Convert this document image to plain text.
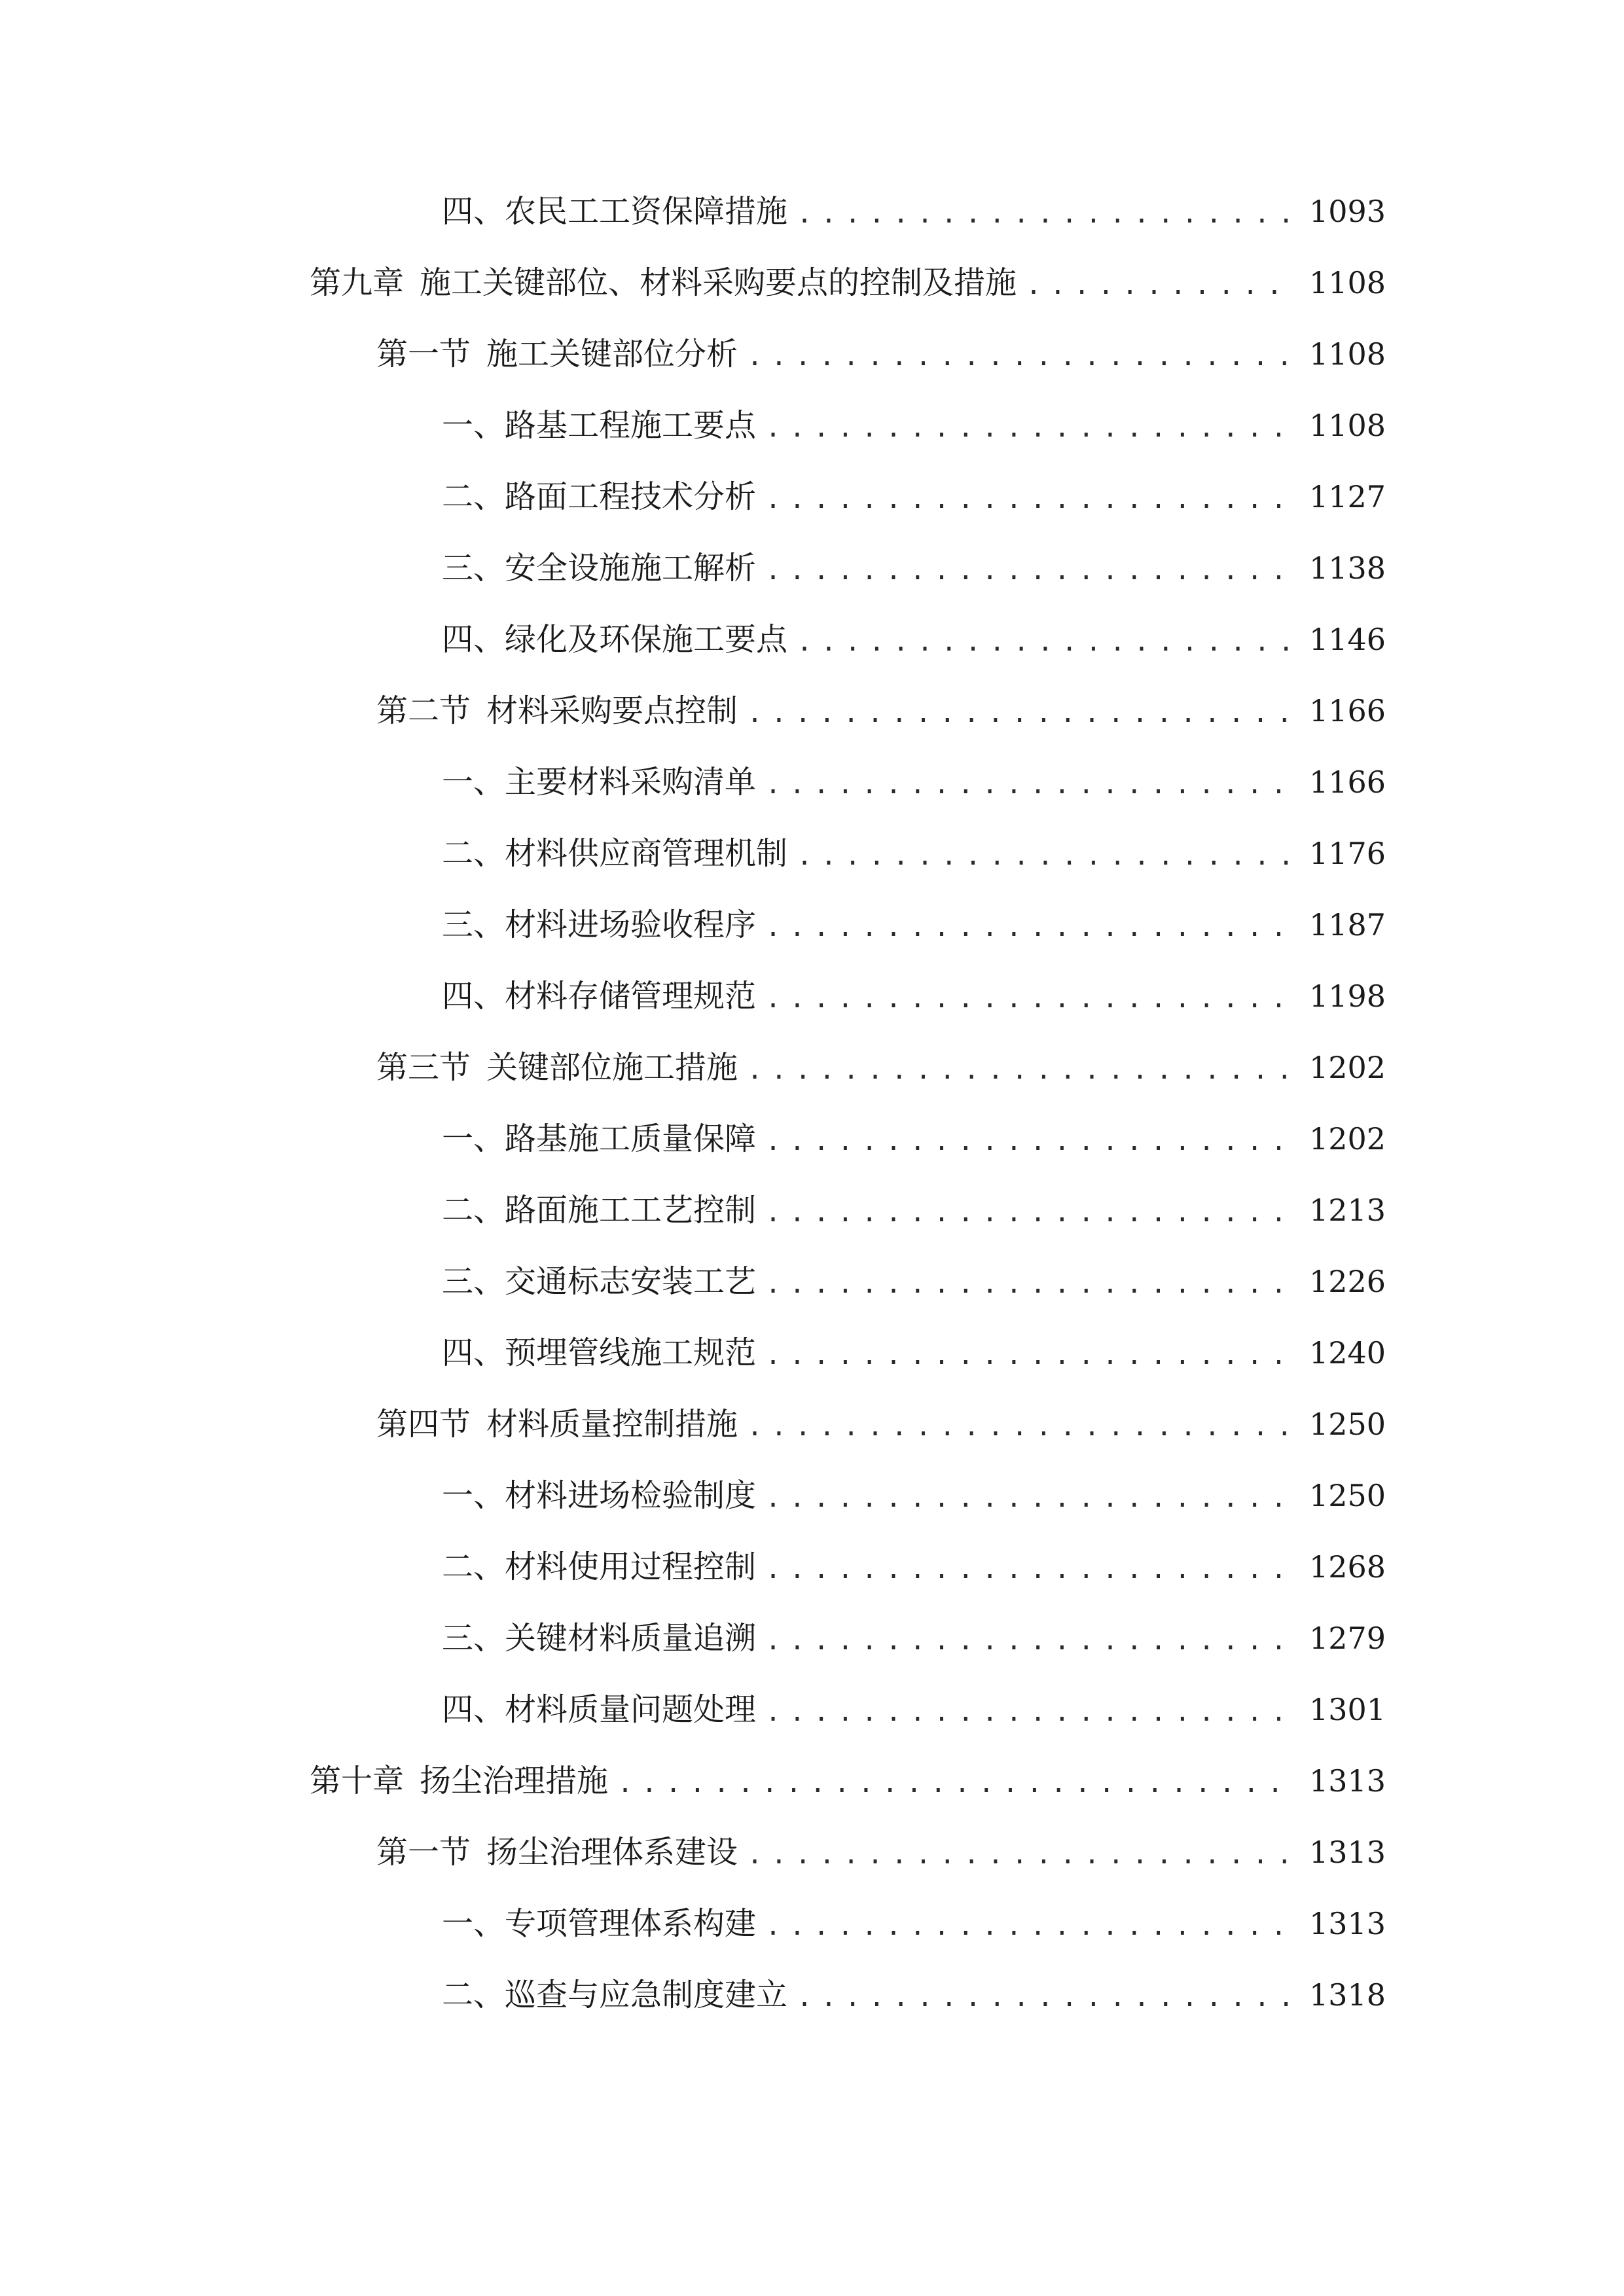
四、 农民工工资保障措施 .....	1093
第九章 施工关键部位、材料采购要点的控制及措施 .....	1108
第一节 施工关键部位分析 .....	1108
一、 路基工程施工要点 .....	1108
二、 路面工程技术分析 .....	1127
三、 安全设施施工解析 .....	1138
四、 绿化及环保施工要点 .....	1146
第二节 材料采购要点控制 .....	1166
一、 主要材料采购清单 .....	1166
二、 材料供应商管理机制 .....	1176
三、 材料进场验收程序 .....	1187
四、 材料存储管理规范 .....	1198
第三节 关键部位施工措施 .....	1202
一、 路基施工质量保障 .....	1202
二、 路面施工工艺控制 .....	1213
三、 交通标志安装工艺 .....	1226
四、 预埋管线施工规范 .....	1240
第四节 材料质量控制措施 .....	1250
一、 材料进场检验制度 .....	1250
二、 材料使用过程控制 .....	1268
三、 关键材料质量追溯 .....	1279
四、 材料质量问题处理 .....	1301
第十章 扬尘治理措施 .....	1313
第一节 扬尘治理体系建设 .....	1313
一、 专项管理体系构建 .....	1313
二、 巡查与应急制度建立 .....	1318
